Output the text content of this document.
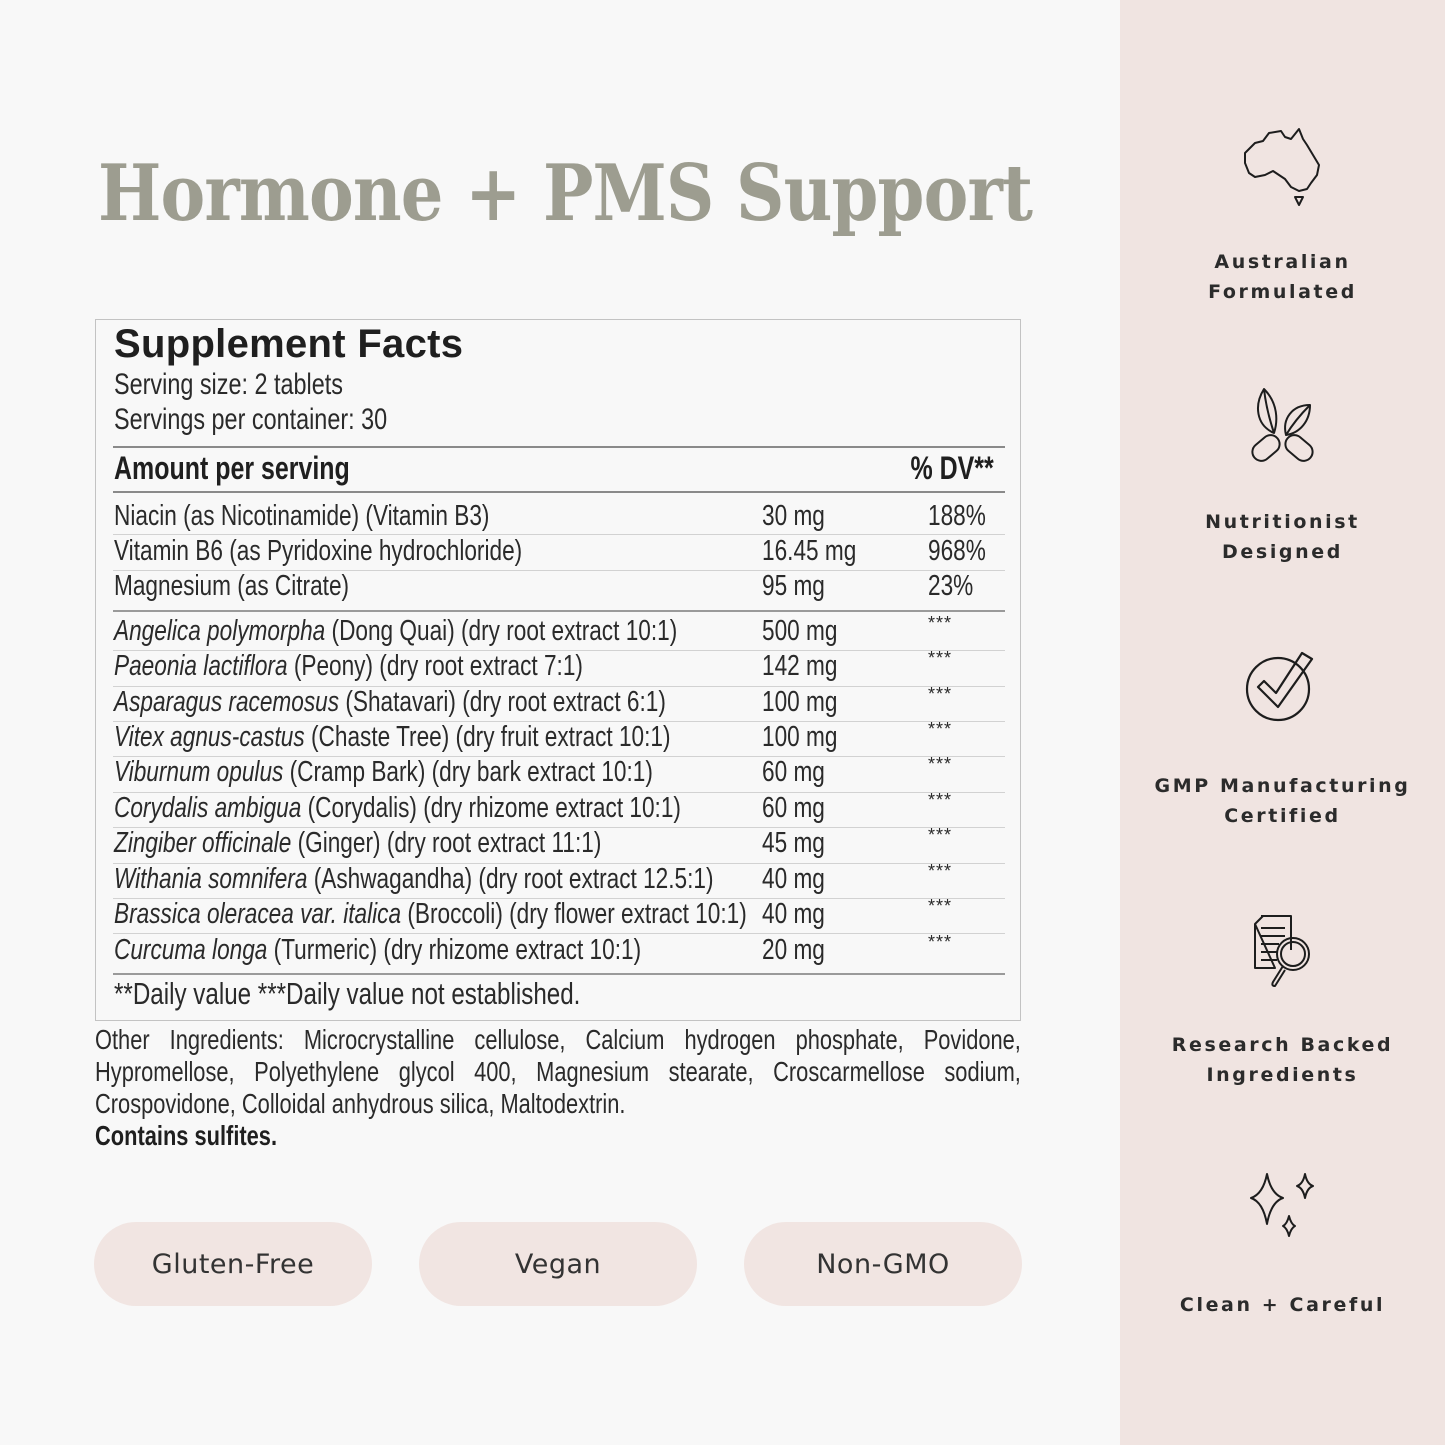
Hormone + PMS Support
Supplement Facts
Serving size: 2 tablets
Servings per container: 30
Amount per serving	% DV**
Niacin (as Nicotinamide) (Vitamin B3)	30 mg	188%
Vitamin B6 (as Pyridoxine hydrochloride)	16.45 mg 968%
Magnesium (as Citrate)	95 mg	23%
Angelica polymorpha (Dong Quai) (dry root extract 10:1)	500 mg	***
Paeonia lactiflora (Peony) (dry root extract 7:1)	142 mg	***
Asparagus racemosus (Shatavari) (dry root extract 6:1)	100 mg	***
Vitex agnus-castus (Chaste Tree) (dry fruit extract 10:1)	100 mg	***
Viburnum opulus (Cramp Bark) (dry bark extract 10:1)	60 mg	***
Corydalis ambigua (Corydalis) (dry rhizome extract 10:1)	60 mg	***
Zingiber officinale (Ginger) (dry root extract 11:1)	45 mg	***
Withania somnifera (Ashwagandha) (dry root extract 12.5:1) 40 mg	***
Brassica oleracea var. italica (Broccoli) (dry flower extract 10:1) 40 mg	***
Curcuma longa (Turmeric) (dry rhizome extract 10:1)	20 mg	***
**Daily value ***Daily value not established.
Other Ingredients: Microcrystalline cellulose, Calcium hydrogen phosphate, Povidone, Hypromellose, Polyethylene glycol 400, Magnesium stearate, Croscarmellose sodium, Crospovidone, Colloidal anhydrous silica, Maltodextrin.
Contains sulfites.
Gluten-Free	Vegan	Non-GMO
Australian
Formulated
Nutritionist
Designed
GMP Manufacturing
Certified
Research Backed
Ingredients
Clean + Careful
